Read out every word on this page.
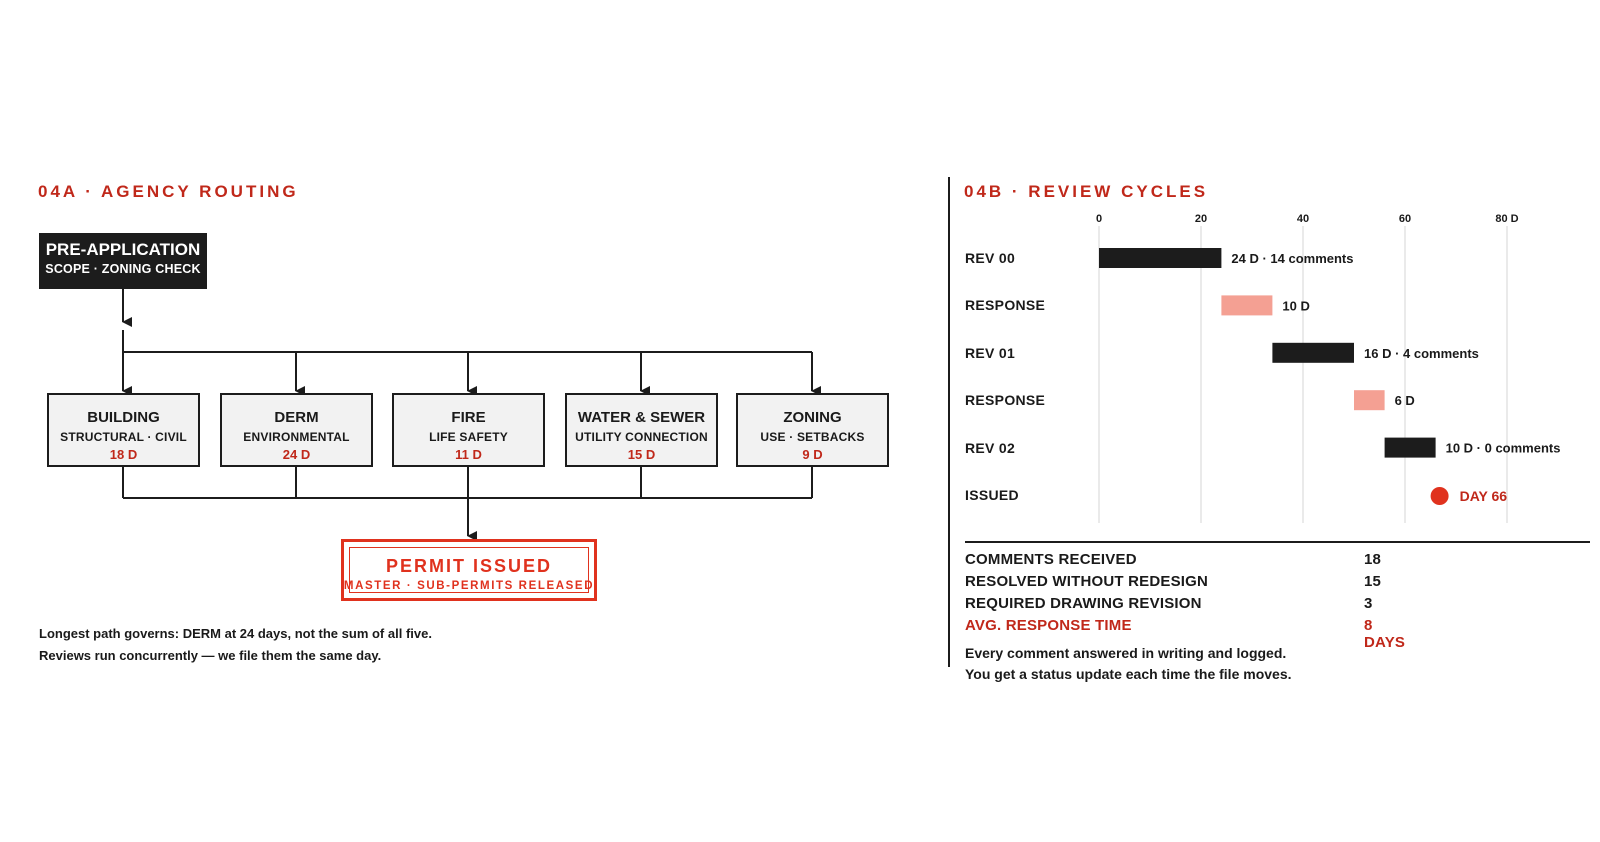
04A · AGENCY ROUTING
PRE-APPLICATION
SCOPE · ZONING CHECK
BUILDING
STRUCTURAL · CIVIL
18 D
DERM
ENVIRONMENTAL
24 D
FIRE
LIFE SAFETY
11 D
WATER & SEWER
UTILITY CONNECTION
15 D
ZONING
USE · SETBACKS
9 D
PERMIT ISSUED
MASTER · SUB-PERMITS RELEASED
Longest path governs: DERM at 24 days, not the sum of all five.
Reviews run concurrently — we file them the same day.
04B · REVIEW CYCLES
0	20	40	60	80 D
24 D · 14 comments
10 D
16 D · 4 comments
6 D
10 D · 0 comments
DAY 66
REV 00
RESPONSE
REV 01
RESPONSE
REV 02
ISSUED
COMMENTS RECEIVED	18
RESOLVED WITHOUT REDESIGN	15
REQUIRED DRAWING REVISION	3
AVG. RESPONSE TIME	8 DAYS
Every comment answered in writing and logged.
You get a status update each time the file moves.
